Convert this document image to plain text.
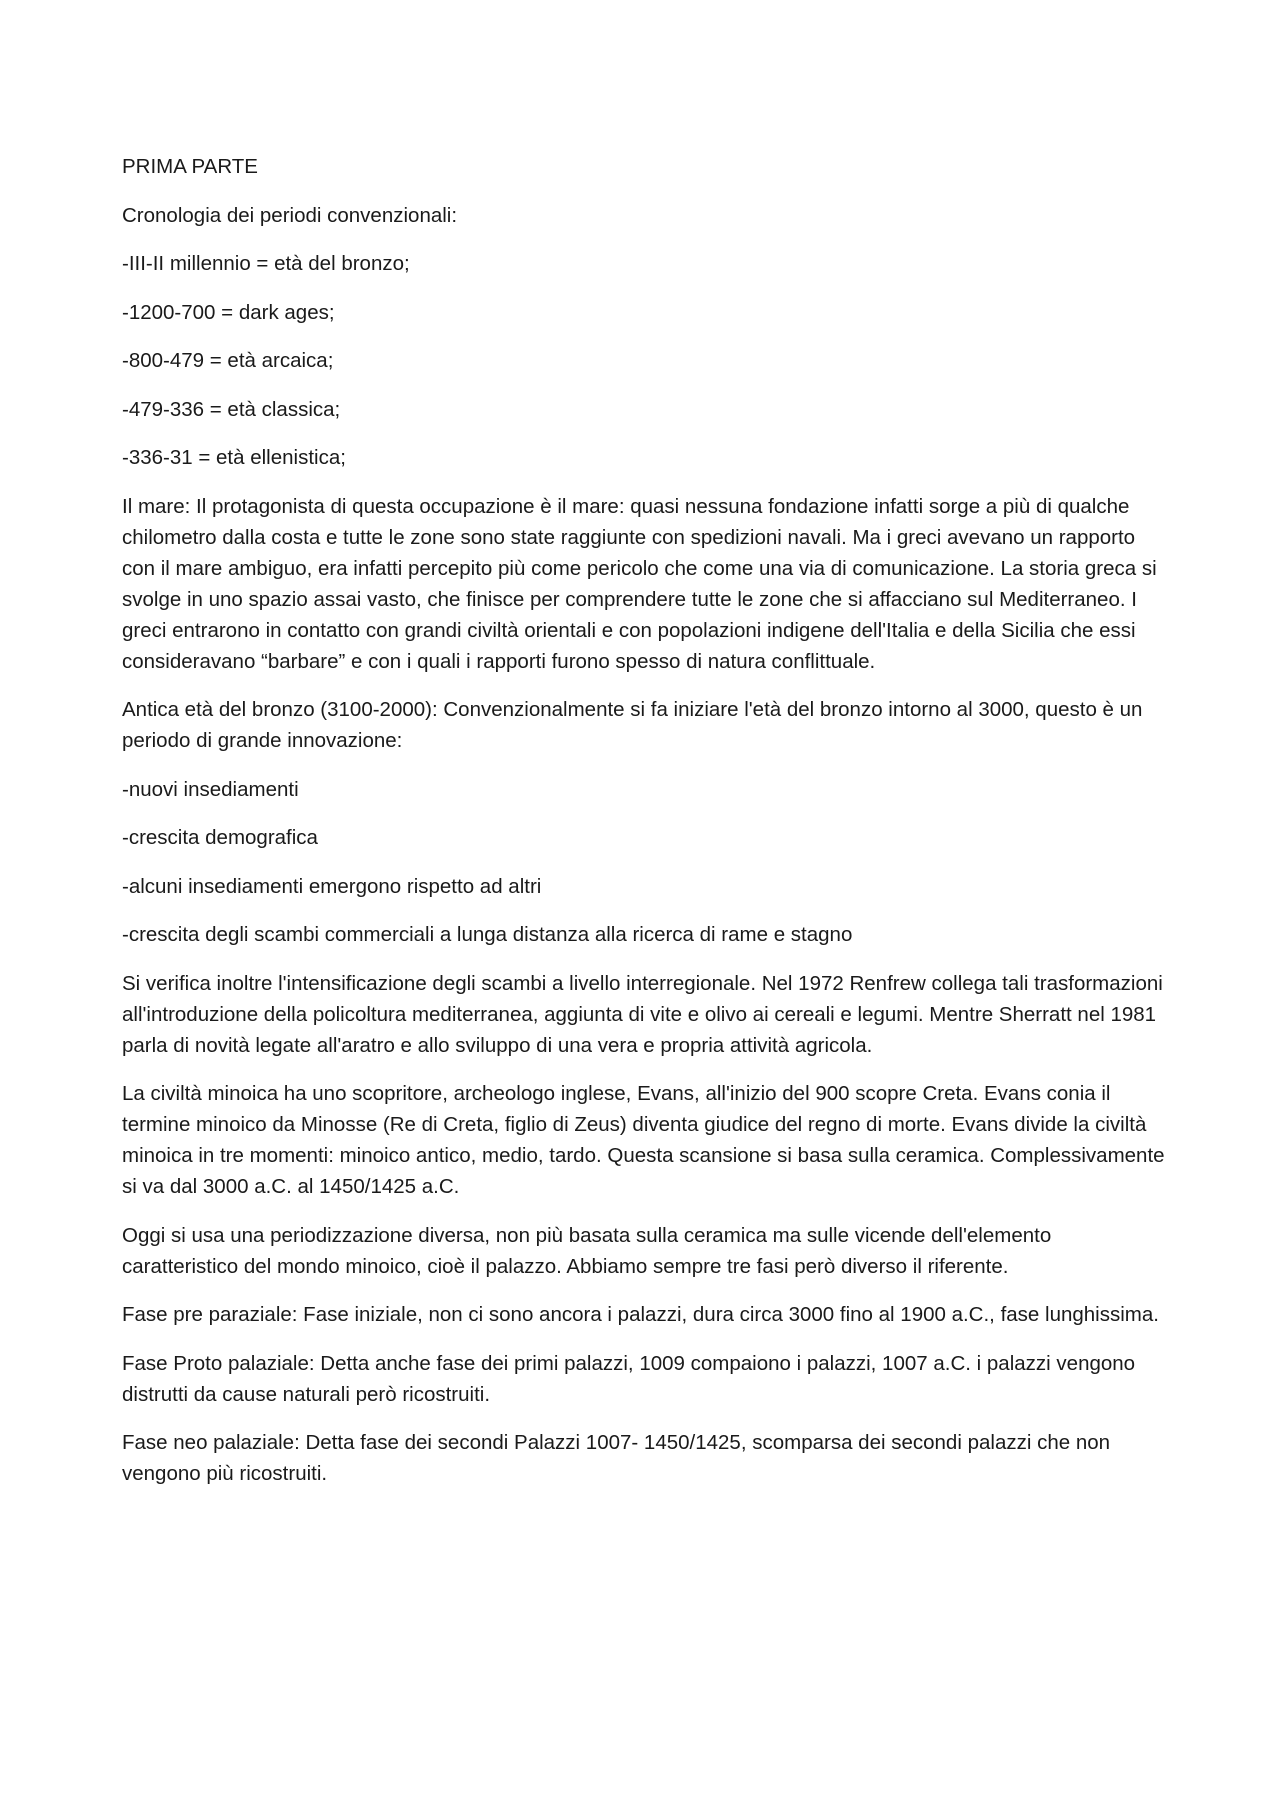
PRIMA PARTE

Cronologia dei periodi convenzionali:

-III-II millennio = età del bronzo;

-1200-700 = dark ages;

-800-479 = età arcaica;

-479-336 = età classica;

-336-31 = età ellenistica;

Il mare: Il protagonista di questa occupazione è il mare: quasi nessuna fondazione infatti sorge a più di qualche chilometro dalla costa e tutte le zone sono state raggiunte con spedizioni navali. Ma i greci avevano un rapporto con il mare ambiguo, era infatti percepito più come pericolo che come una via di comunicazione. La storia greca si svolge in uno spazio assai vasto, che finisce per comprendere tutte le zone che si affacciano sul Mediterraneo. I greci entrarono in contatto con grandi civiltà orientali e con popolazioni indigene dell'Italia e della Sicilia che essi consideravano “barbare” e con i quali i rapporti furono spesso di natura conflittuale.

Antica età del bronzo (3100-2000): Convenzionalmente si fa iniziare l'età del bronzo intorno al 3000, questo è un periodo di grande innovazione:

-nuovi insediamenti

-crescita demografica

-alcuni insediamenti emergono rispetto ad altri

-crescita degli scambi commerciali a lunga distanza alla ricerca di rame e stagno

Si verifica inoltre l'intensificazione degli scambi a livello interregionale. Nel 1972 Renfrew collega tali trasformazioni all'introduzione della policoltura mediterranea, aggiunta di vite e olivo ai cereali e legumi. Mentre Sherratt nel 1981 parla di novità legate all'aratro e allo sviluppo di una vera e propria attività agricola.

La civiltà minoica ha uno scopritore, archeologo inglese, Evans, all'inizio del 900 scopre Creta. Evans conia il termine minoico da Minosse (Re di Creta, figlio di Zeus) diventa giudice del regno di morte. Evans divide la civiltà minoica in tre momenti: minoico antico, medio, tardo. Questa scansione si basa sulla ceramica. Complessivamente si va dal 3000 a.C. al 1450/1425 a.C.

Oggi si usa una periodizzazione diversa, non più basata sulla ceramica ma sulle vicende dell'elemento caratteristico del mondo minoico, cioè il palazzo. Abbiamo sempre tre fasi però diverso il riferente.

Fase pre paraziale: Fase iniziale, non ci sono ancora i palazzi, dura circa 3000 fino al 1900 a.C., fase lunghissima.

Fase Proto palaziale: Detta anche fase dei primi palazzi, 1009 compaiono i palazzi, 1007 a.C. i palazzi vengono distrutti da cause naturali però ricostruiti.

Fase neo palaziale: Detta fase dei secondi Palazzi 1007- 1450/1425, scomparsa dei secondi palazzi che non vengono più ricostruiti.
